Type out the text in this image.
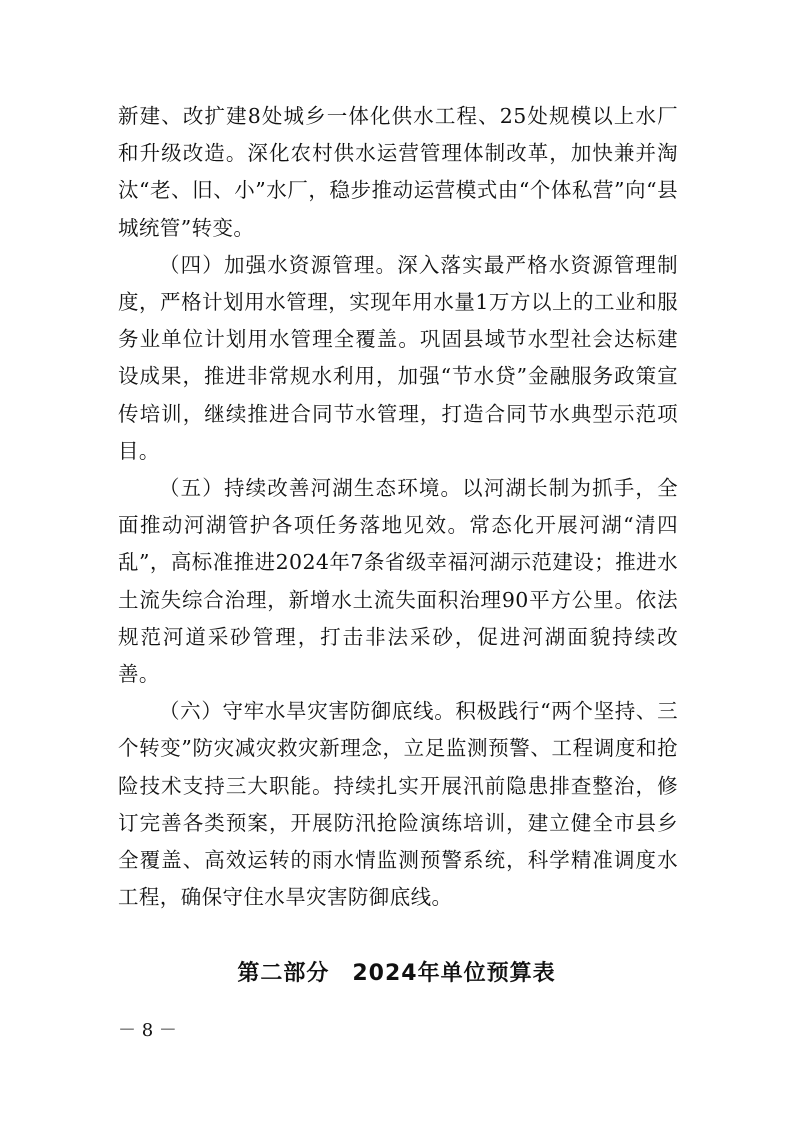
新建、改扩建8处城乡一体化供水工程、25处规模以上水厂和升级改造。深化农村供水运营管理体制改革，加快兼并淘汰“老、旧、小”水厂，稳步推动运营模式由“个体私营”向“县城统管”转变。

（四）加强水资源管理。深入落实最严格水资源管理制度，严格计划用水管理，实现年用水量1万方以上的工业和服务业单位计划用水管理全覆盖。巩固县域节水型社会达标建设成果，推进非常规水利用，加强“节水贷”金融服务政策宣传培训，继续推进合同节水管理，打造合同节水典型示范项目。

（五）持续改善河湖生态环境。以河湖长制为抓手，全面推动河湖管护各项任务落地见效。常态化开展河湖“清四乱”，高标准推进2024年7条省级幸福河湖示范建设；推进水土流失综合治理，新增水土流失面积治理90平方公里。依法规范河道采砂管理，打击非法采砂，促进河湖面貌持续改善。

（六）守牢水旱灾害防御底线。积极践行“两个坚持、三个转变”防灾减灾救灾新理念，立足监测预警、工程调度和抢险技术支持三大职能。持续扎实开展汛前隐患排查整治，修订完善各类预案，开展防汛抢险演练培训，建立健全市县乡全覆盖、高效运转的雨水情监测预警系统，科学精准调度水工程，确保守住水旱灾害防御底线。

第二部分　2024年单位预算表
－ 8 －
